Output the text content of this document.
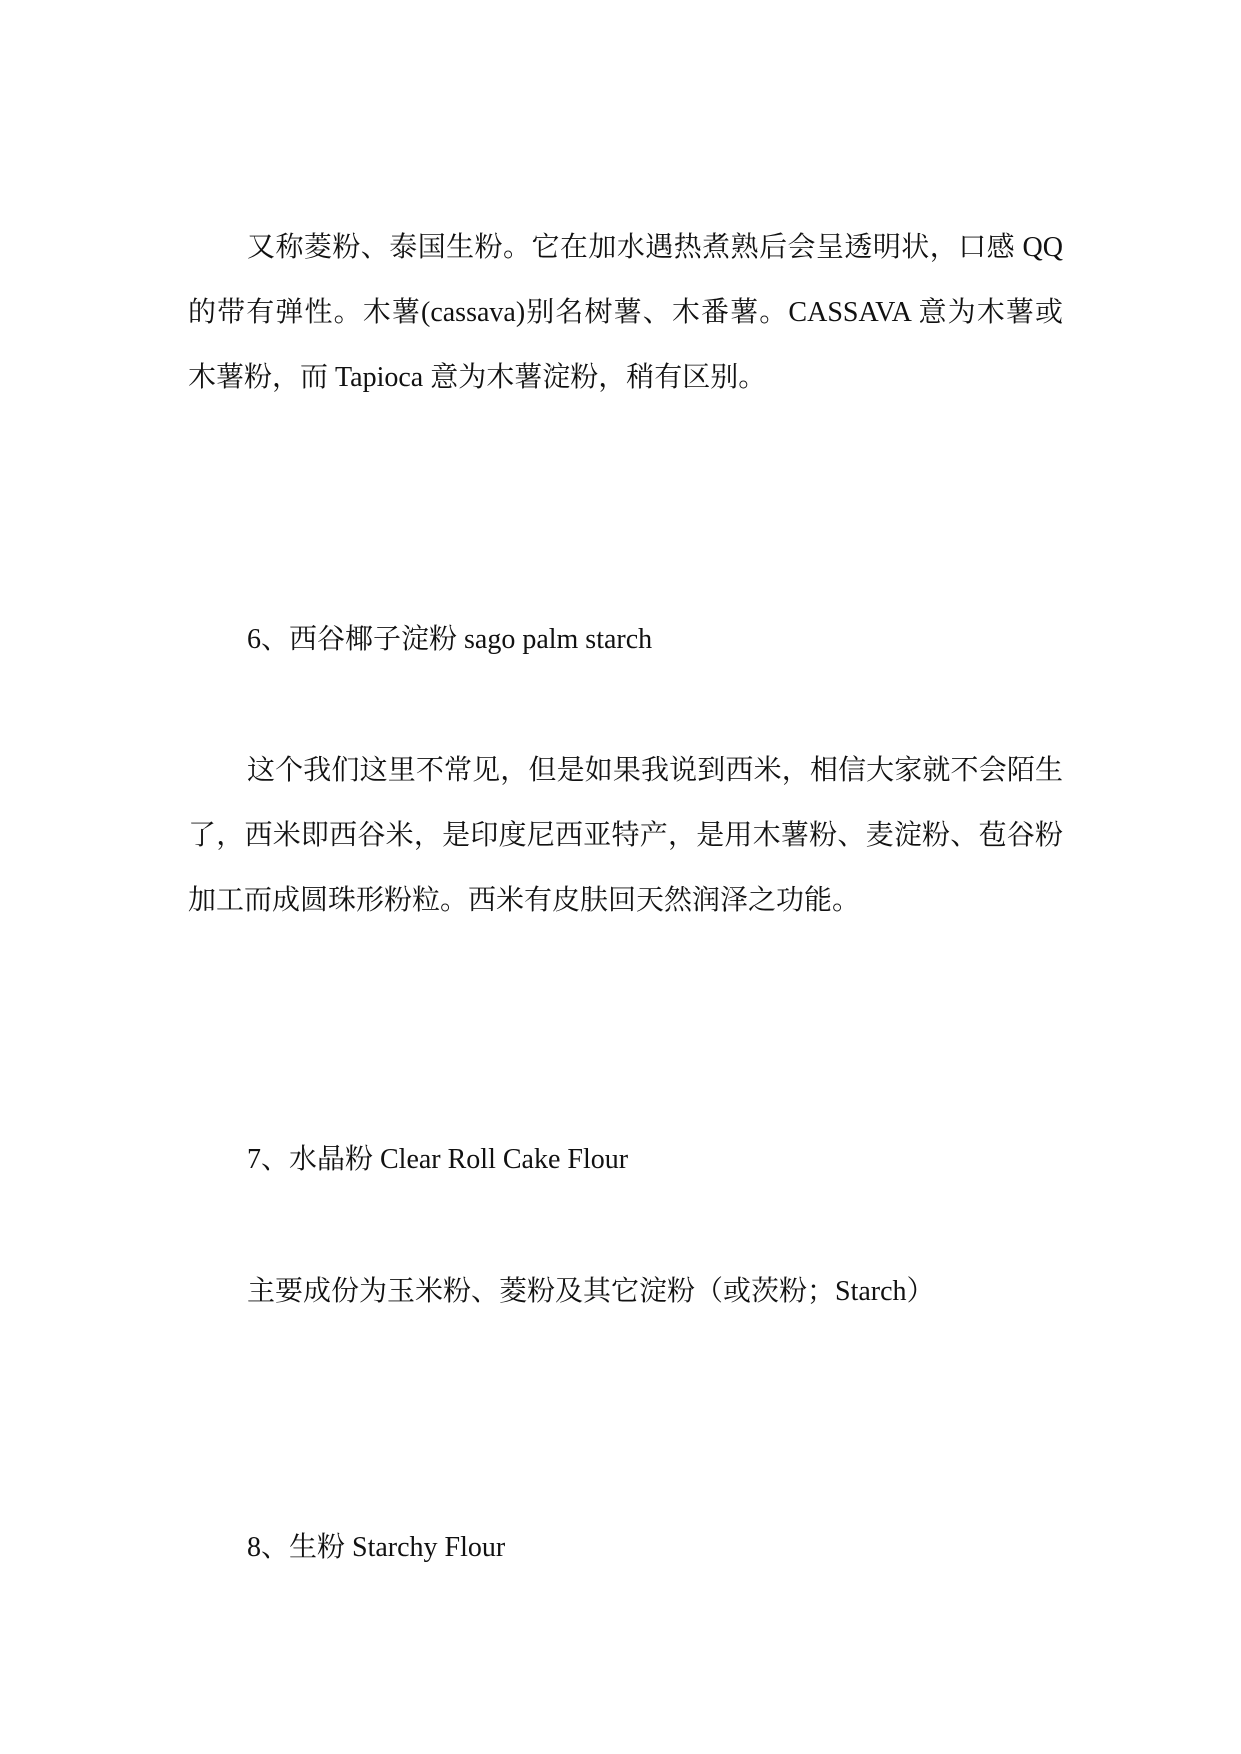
又称菱粉、泰国生粉。它在加水遇热煮熟后会呈透明状，口感 QQ 的带有弹性。木薯(cassava)别名树薯、木番薯。CASSAVA 意为木薯或木薯粉，而 Tapioca 意为木薯淀粉，稍有区别。

6、西谷椰子淀粉 sago palm starch

这个我们这里不常见，但是如果我说到西米，相信大家就不会陌生了，西米即西谷米，是印度尼西亚特产，是用木薯粉、麦淀粉、苞谷粉加工而成圆珠形粉粒。西米有皮肤回天然润泽之功能。

7、水晶粉 Clear Roll Cake Flour

主要成份为玉米粉、菱粉及其它淀粉（或茨粉；Starch）

8、生粉 Starchy Flour
